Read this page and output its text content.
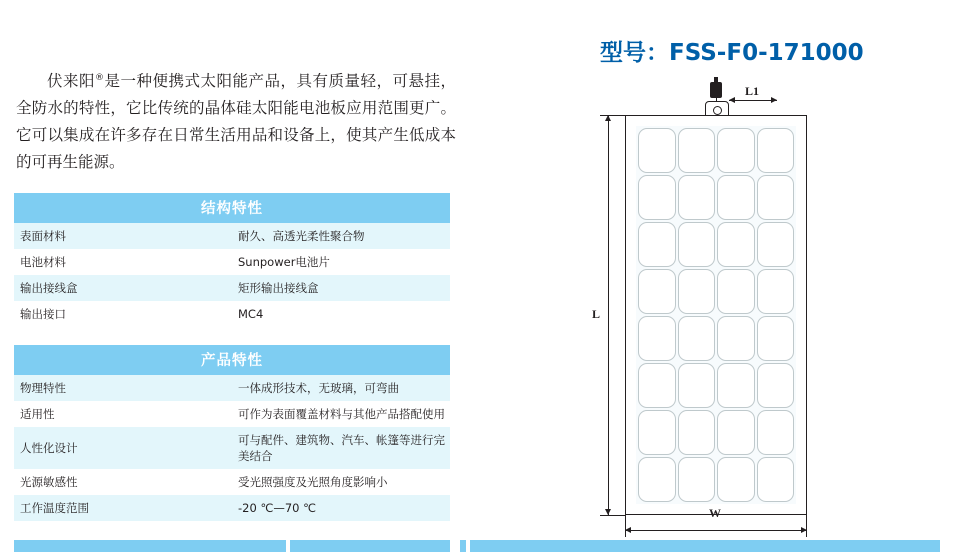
伏来阳®是一种便携式太阳能产品，具有质量轻，可悬挂，全防水的特性，它比传统的晶体硅太阳能电池板应用范围更广。它可以集成在许多存在日常生活用品和设备上，使其产生低成本的可再生能源。

结构特性	
表面材料	耐久、高透光柔性聚合物
电池材料	Sunpower电池片
输出接线盒	矩形输出接线盒
输出接口	MC4
产品特性	
物理特性	一体成形技术，无玻璃，可弯曲
适用性	可作为表面覆盖材料与其他产品搭配使用
人性化设计	可与配件、建筑物、汽车、帐篷等进行完美结合
光源敏感性	受光照强度及光照角度影响小
工作温度范围	-20 ℃—70 ℃
型号：FSS-F0-171000
L1
L
W
